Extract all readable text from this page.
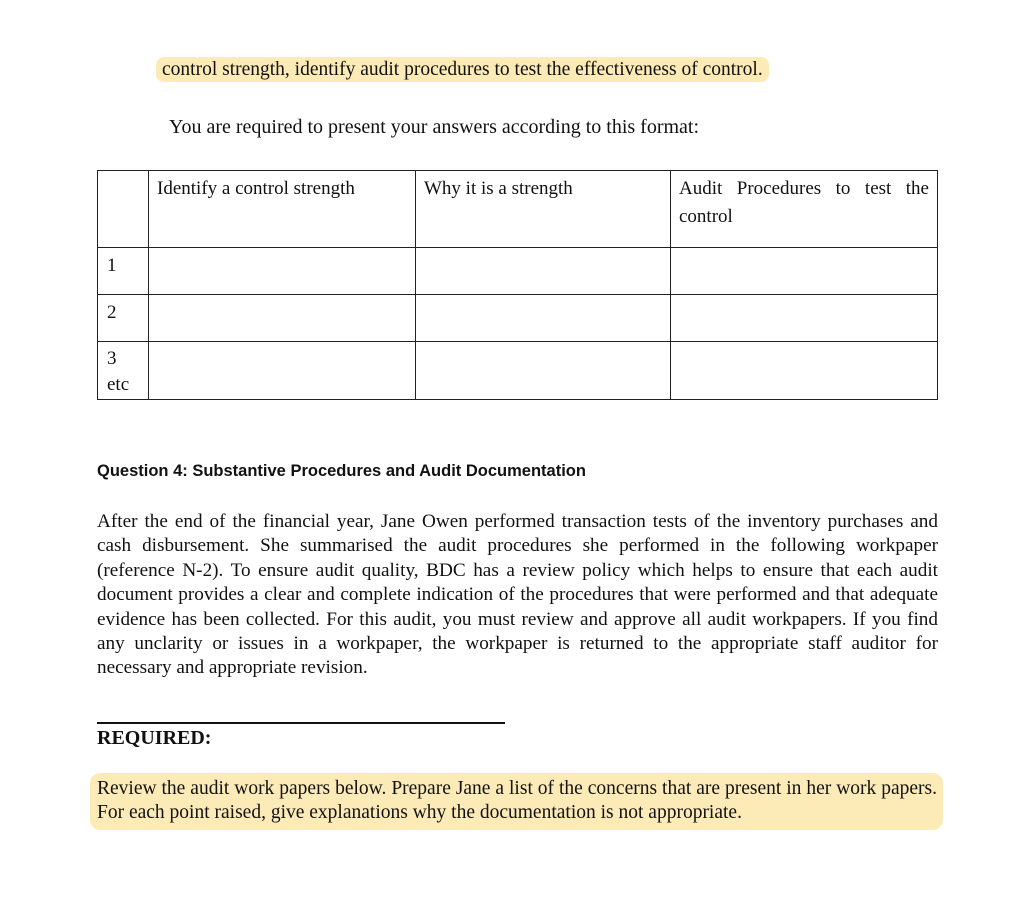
control strength, identify audit procedures to test the effectiveness of control.
You are required to present your answers according to this format:

	Identify a control strength	Why it is a strength	Audit Procedures to test the control

1			

2			

3
etc			

Question 4: Substantive Procedures and Audit Documentation
After the end of the financial year, Jane Owen performed transaction tests of the inventory purchases and cash disbursement. She summarised the audit procedures she performed in the following workpaper (reference N-2). To ensure audit quality, BDC has a review policy which helps to ensure that each audit document provides a clear and complete indication of the procedures that were performed and that adequate evidence has been collected. For this audit, you must review and approve all audit workpapers. If you find any unclarity or issues in a workpaper, the workpaper is returned to the appropriate staff auditor for necessary and appropriate revision.
REQUIRED:
Review the audit work papers below. Prepare Jane a list of the concerns that are present in her work papers. For each point raised, give explanations why the documentation is not appropriate.
